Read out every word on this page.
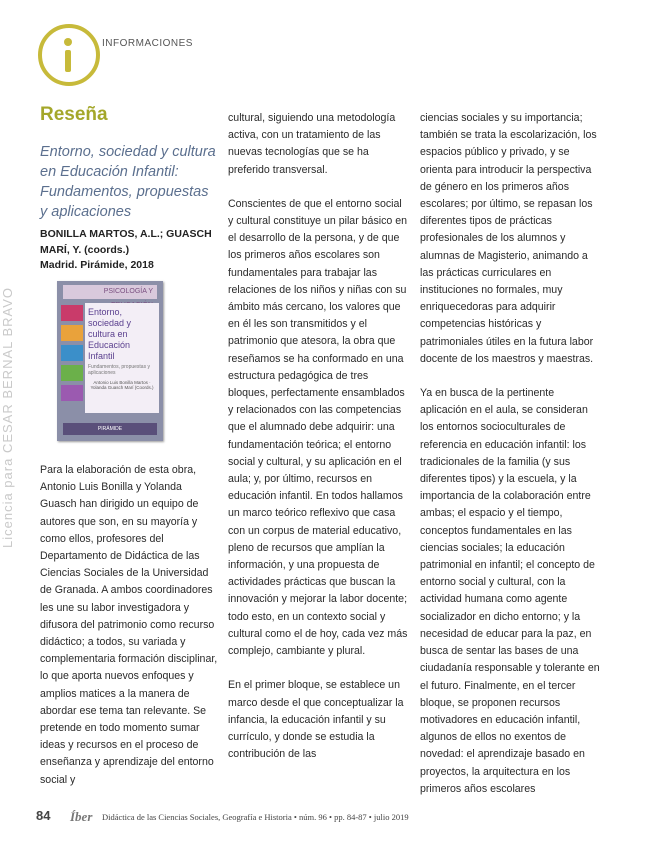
INFORMACIONES
Reseña
Entorno, sociedad y cultura en Educación Infantil: Fundamentos, propuestas y aplicaciones
BONILLA MARTOS, A.L.; GUASCH MARÍ, Y. (coords.)
Madrid. Pirámide, 2018
PSICOLOGÍA Y
Entorno, sociedad y cultura en Educación Infantil
Fundamentos, propuestas y aplicaciones
Antonio Luis Bonilla Martos · Yolanda Guasch Marí (Coords.)
PIRÁMIDE

Para la elaboración de esta obra, Antonio Luis Bonilla y Yolanda Guasch han dirigido un equipo de autores que son, en su mayoría y como ellos, profesores del Departamento de Didáctica de las Ciencias Sociales de la Universidad de Granada. A ambos coordinadores les une su labor investigadora y difusora del patrimonio como recurso didáctico; a todos, su variada y complementaria formación disciplinar, lo que aporta nuevos enfoques y amplios matices a la manera de abordar ese tema tan relevante. Se pretende en todo momento sumar ideas y recursos en el proceso de enseñanza y aprendizaje del entorno social y

cultural, siguiendo una metodología activa, con un tratamiento de las nuevas tecnologías que se ha preferido transversal.

Conscientes de que el entorno social y cultural constituye un pilar básico en el desarrollo de la persona, y de que los primeros años escolares son fundamentales para trabajar las relaciones de los niños y niñas con su ámbito más cercano, los valores que en él les son transmitidos y el patrimonio que atesora, la obra que reseñamos se ha conformado en una estructura pedagógica de tres bloques, perfectamente ensamblados y relacionados con las competencias que el alumnado debe adquirir: una fundamentación teórica; el entorno social y cultural, y su aplicación en el aula; y, por último, recursos en educación infantil. En todos hallamos un marco teórico reflexivo que casa con un corpus de material educativo, pleno de recursos que amplían la información, y una propuesta de actividades prácticas que buscan la innovación y mejorar la labor docente; todo esto, en un contexto social y cultural como el de hoy, cada vez más complejo, cambiante y plural.

En el primer bloque, se establece un marco desde el que conceptualizar la infancia, la educación infantil y su currículo, y donde se estudia la contribución de las

ciencias sociales y su importancia; también se trata la escolarización, los espacios público y privado, y se orienta para introducir la perspectiva de género en los primeros años escolares; por último, se repasan los diferentes tipos de prácticas profesionales de los alumnos y alumnas de Magisterio, animando a las prácticas curriculares en instituciones no formales, muy enriquecedoras para adquirir competencias históricas y patrimoniales útiles en la futura labor docente de los maestros y maestras.

Ya en busca de la pertinente aplicación en el aula, se consideran los entornos socioculturales de referencia en educación infantil: los tradicionales de la familia (y sus diferentes tipos) y la escuela, y la importancia de la colaboración entre ambas; el espacio y el tiempo, conceptos fundamentales en las ciencias sociales; la educación patrimonial en infantil; el concepto de entorno social y cultural, con la actividad humana como agente socializador en dicho entorno; y la necesidad de educar para la paz, en busca de sentar las bases de una ciudadanía responsable y tolerante en el futuro. Finalmente, en el tercer bloque, se proponen recursos motivadores en educación infantil, algunos de ellos no exentos de novedad: el aprendizaje basado en proyectos, la arquitectura en los primeros años escolares

Licencia para CESAR BERNAL BRAVO
84 Íber Didáctica de las Ciencias Sociales, Geografía e Historia • núm. 96 • pp. 84-87 • julio 2019
